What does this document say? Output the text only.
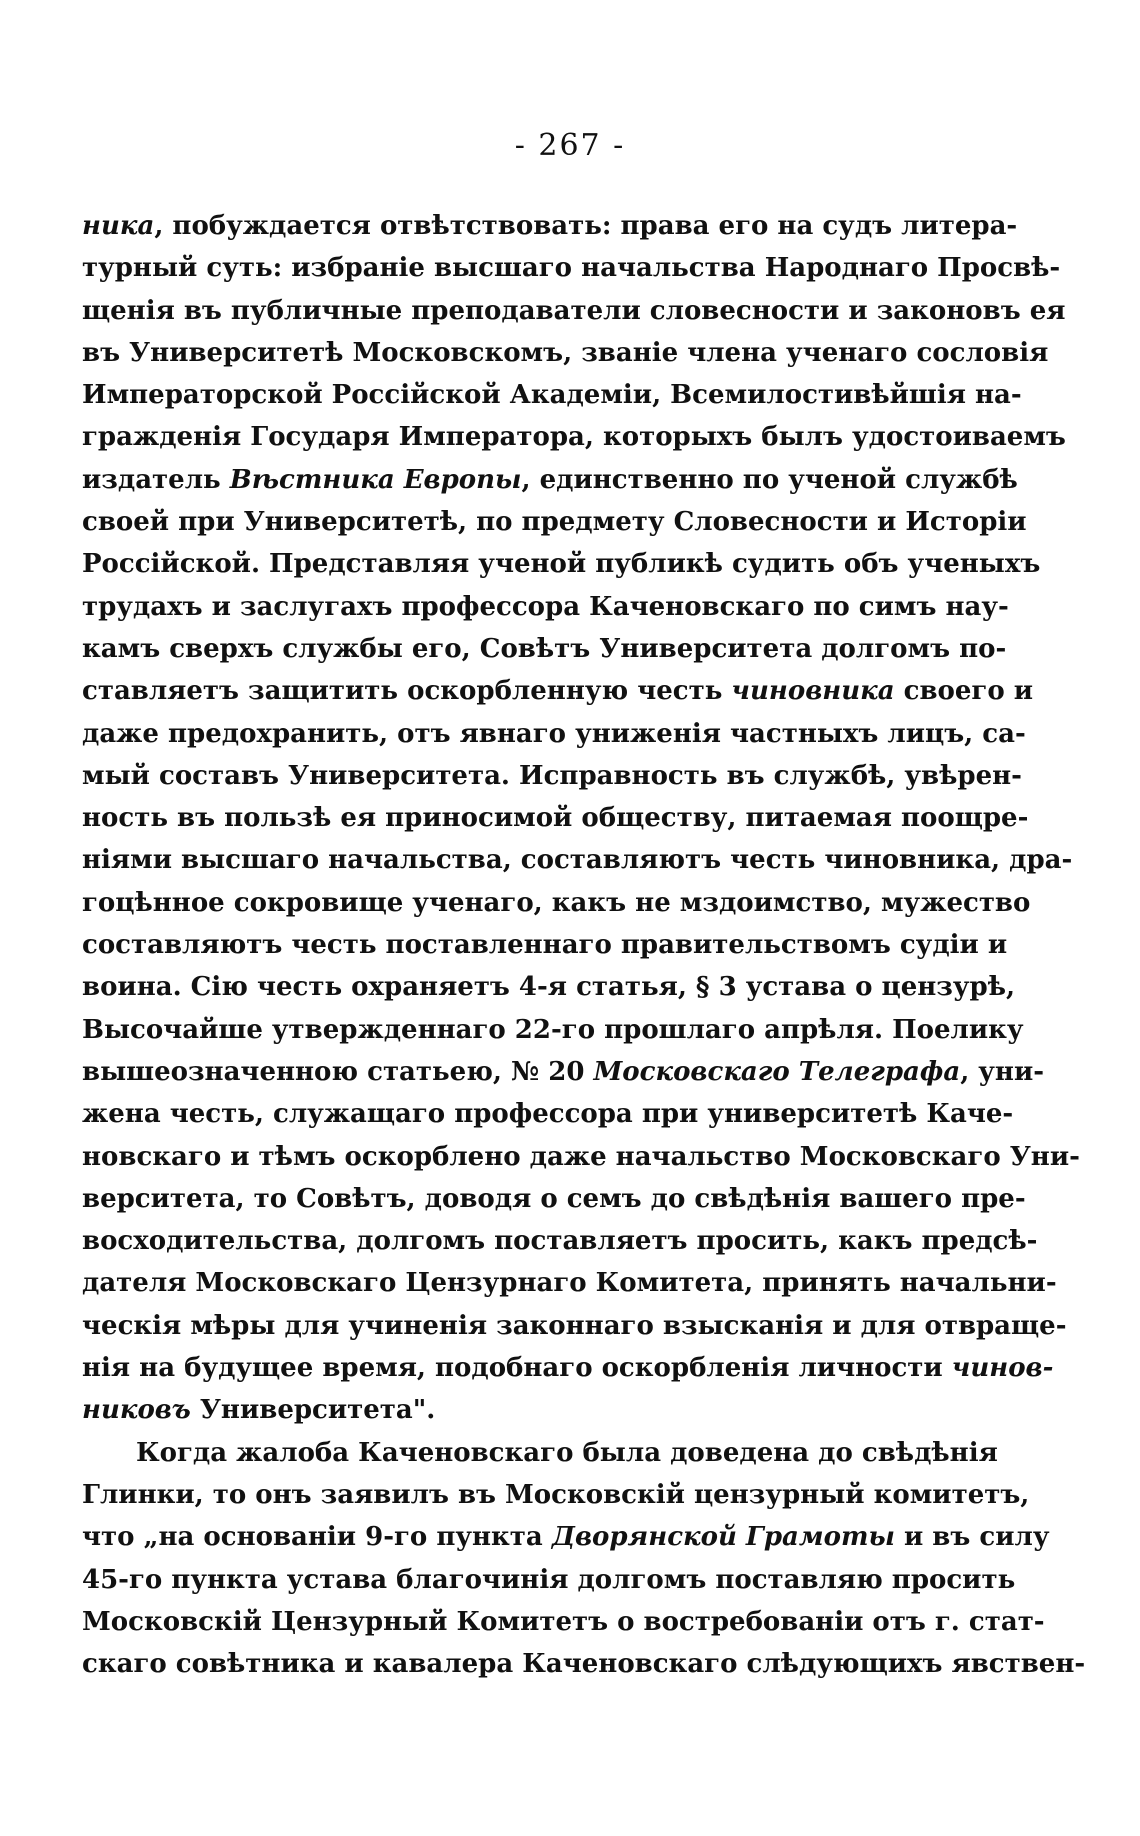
- 267 -
ника, побуждается отвѣтствовать: права его на судъ литера-
турный суть: избраніе высшаго начальства Народнаго Просвѣ-
щенія въ публичные преподаватели словесности и законовъ ея
въ Университетѣ Московскомъ, званіе члена ученаго сословія
Императорской Россійской Академіи, Всемилостивѣйшія на-
гражденія Государя Императора, которыхъ былъ удостоиваемъ
издатель Вѣстника Европы, единственно по ученой службѣ
своей при Университетѣ, по предмету Словесности и Исторіи
Россійской. Представляя ученой публикѣ судить объ ученыхъ
трудахъ и заслугахъ профессора Каченовскаго по симъ нау-
камъ сверхъ службы его, Совѣтъ Университета долгомъ по-
ставляетъ защитить оскорбленную честь чиновника своего и
даже предохранить, отъ явнаго униженія частныхъ лицъ, са-
мый составъ Университета. Исправность въ службѣ, увѣрен-
ность въ пользѣ ея приносимой обществу, питаемая поощре-
ніями высшаго начальства, составляютъ честь чиновника, дра-
гоцѣнное сокровище ученаго, какъ не мздоимство, мужество
составляютъ честь поставленнаго правительствомъ судіи и
воина. Сію честь охраняетъ 4-я статья, § 3 устава о цензурѣ,
Высочайше утвержденнаго 22-го прошлаго апрѣля. Поелику
вышеозначенною статьею, № 20 Московскаго Телеграфа, уни-
жена честь, служащаго профессора при университетѣ Каче-
новскаго и тѣмъ оскорблено даже начальство Московскаго Уни-
верситета, то Совѣтъ, доводя о семъ до свѣдѣнія вашего пре-
восходительства, долгомъ поставляетъ просить, какъ предсѣ-
дателя Московскаго Цензурнаго Комитета, принять начальни-
ческія мѣры для учиненія законнаго взысканія и для отвраще-
нія на будущее время, подобнаго оскорбленія личности чинов-
никовъ Университета".
Когда жалоба Каченовскаго была доведена до свѣдѣнія
Глинки, то онъ заявилъ въ Московскій цензурный комитетъ,
что „на основаніи 9-го пункта Дворянской Грамоты и въ силу
45-го пункта устава благочинія долгомъ поставляю просить
Московскій Цензурный Комитетъ о востребованіи отъ г. стат-
скаго совѣтника и кавалера Каченовскаго слѣдующихъ явствен-
